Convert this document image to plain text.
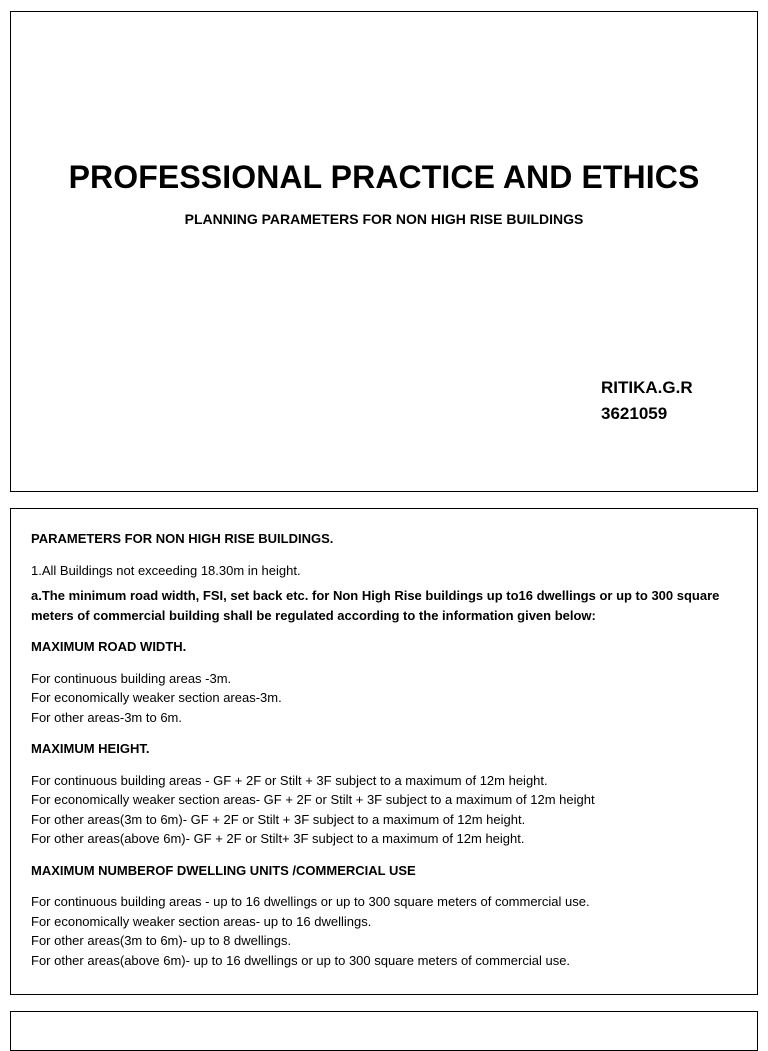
PROFESSIONAL PRACTICE AND ETHICS
PLANNING PARAMETERS FOR NON HIGH RISE BUILDINGS
RITIKA.G.R
3621059

PARAMETERS FOR NON HIGH RISE BUILDINGS.

1.All Buildings not exceeding 18.30m in height.

a.The minimum road width, FSI, set back etc. for Non High Rise buildings up to16 dwellings or up to 300 square meters of commercial building shall be regulated according to the information given below:

MAXIMUM ROAD WIDTH.

For continuous building areas -3m.

For economically weaker section areas-3m.

For other areas-3m to 6m.

MAXIMUM HEIGHT.

For continuous building areas - GF + 2F or Stilt + 3F subject to a maximum of 12m height.

For economically weaker section areas- GF + 2F or Stilt + 3F subject to a maximum of 12m height

For other areas(3m to 6m)- GF + 2F or Stilt + 3F subject to a maximum of 12m height.

For other areas(above 6m)- GF + 2F or Stilt+ 3F subject to a maximum of 12m height.

MAXIMUM NUMBEROF DWELLING UNITS /COMMERCIAL USE

For continuous building areas - up to 16 dwellings or up to 300 square meters of commercial use.

For economically weaker section areas- up to 16 dwellings.

For other areas(3m to 6m)- up to 8 dwellings.

For other areas(above 6m)- up to 16 dwellings or up to 300 square meters of commercial use.
